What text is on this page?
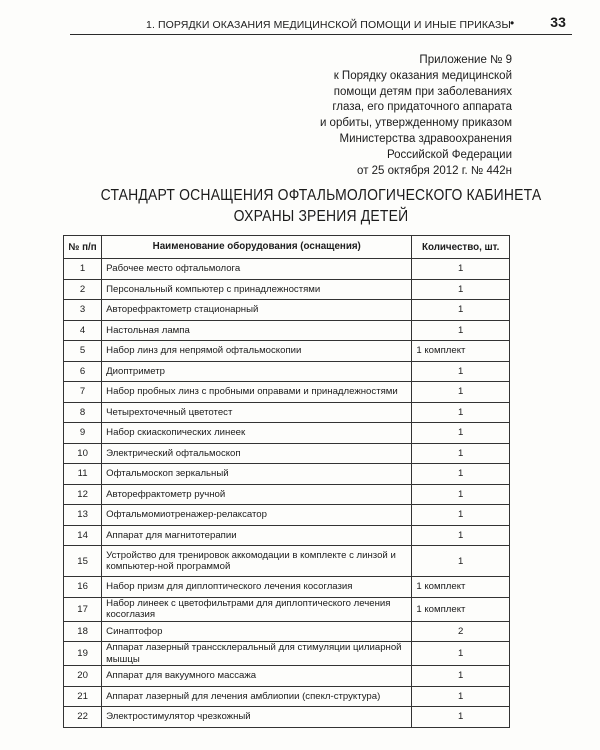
1. ПОРЯДКИ ОКАЗАНИЯ МЕДИЦИНСКОЙ ПОМОЩИ И ИНЫЕ ПРИКАЗЫ •	33
Приложение № 9
к Порядку оказания медицинской
помощи детям при заболеваниях
глаза, его придаточного аппарата
и орбиты, утвержденному приказом
Министерства здравоохранения
Российской Федерации
от 25 октября 2012 г. № 442н
СТАНДАРТ ОСНАЩЕНИЯ ОФТАЛЬМОЛОГИЧЕСКОГО КАБИНЕТА
ОХРАНЫ ЗРЕНИЯ ДЕТЕЙ
№ п/п	Наименование оборудования (оснащения)	Количество, шт.
1	Рабочее место офтальмолога	1
2	Персональный компьютер с принадлежностями	1
3	Авторефрактометр стационарный	1
4	Настольная лампа	1
5	Набор линз для непрямой офтальмоскопии	1 комплект
6	Диоптриметр	1
7	Набор пробных линз с пробными оправами и принадлежностями	1
8	Четырехточечный цветотест	1
9	Набор скиаскопических линеек	1
10	Электрический офтальмоскоп	1
11	Офтальмоскоп зеркальный	1
12	Авторефрактометр ручной	1
13	Офтальмомиотренажер-релаксатор	1
14	Аппарат для магнитотерапии	1
15	Устройство для тренировок аккомодации в комплекте с линзой и компьютер-ной программой	1
16	Набор призм для диплоптического лечения косоглазия	1 комплект
17	Набор линеек с цветофильтрами для диплоптического лечения косоглазия	1 комплект
18	Синаптофор	2
19	Аппарат лазерный транссклеральный для стимуляции цилиарной мышцы	1
20	Аппарат для вакуумного массажа	1
21	Аппарат лазерный для лечения амблиопии (спекл-структура)	1
22	Электростимулятор чрезкожный	1
